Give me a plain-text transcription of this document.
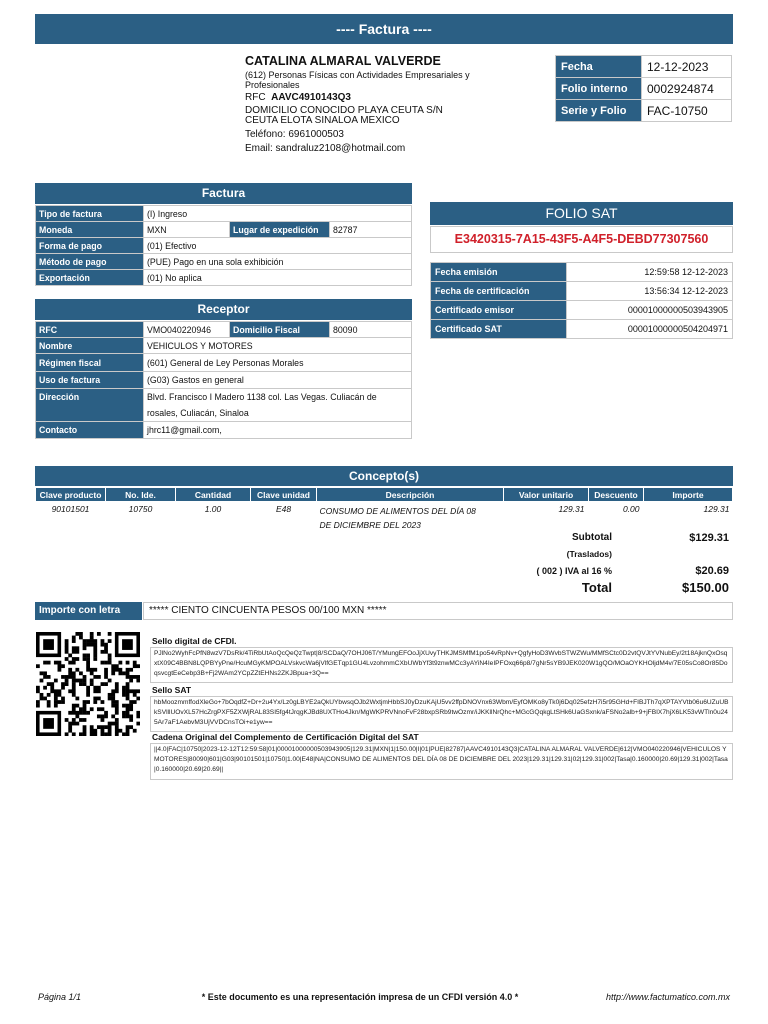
---- Factura ----
CATALINA ALMARAL VALVERDE
(612) Personas Físicas con Actividades Empresariales y
Profesionales
RFC AAVC4910143Q3
DOMICILIO CONOCIDO PLAYA CEUTA S/N
CEUTA ELOTA SINALOA MEXICO
Teléfono: 6961000503
Email: sandraluz2108@hotmail.com
Fecha	12-12-2023
Folio interno	0002924874
Serie y Folio	FAC-10750
Factura
Tipo de factura	(I) Ingreso		
Moneda	MXN	Lugar de expedición	82787
Forma de pago	(01) Efectivo		
Método de pago	(PUE) Pago en una sola exhibición		
Exportación	(01) No aplica		
Receptor
RFC	VMO040220946	Domicilio Fiscal	80090
Nombre	VEHICULOS Y MOTORES		
Régimen fiscal	(601) General de Ley Personas Morales		
Uso de factura	(G03) Gastos en general		
Dirección	Blvd. Francisco I Madero 1138 col. Las Vegas. Culiacán de
rosales, Culiacán, Sinaloa		

Contacto	jhrc11@gmail.com,		
FOLIO SAT
E3420315-7A15-43F5-A4F5-DEBD77307560
Fecha emisión	12:59:58 12-12-2023
Fecha de certificación	13:56:34 12-12-2023
Certificado emisor	00001000000503943905
Certificado SAT	00001000000504204971
Concepto(s)
Clave producto	No. Ide.	Cantidad	Clave unidad	Descripción	Valor unitario	Descuento	Importe
90101501	10750	1.00	E48	CONSUMO DE ALIMENTOS DEL DÍA 08
DE DICIEMBRE DEL 2023	129.31	0.00	129.31
Subtotal	$129.31
(Traslados)
( 002 ) IVA al 16 %	$20.69
Total	$150.00
Importe con letra	***** CIENTO CINCUENTA PESOS 00/100 MXN *****
Sello digital de CFDI.
PJlNo2WyhFcPfN8wzV7DsRk/4TiRbUtAoQcQeQzTwpt|8/SCDaQ/7OHJ06T/YMungEFOoJjXUvyTHKJMSMfM1po54vRpNv+QgfyHoD3WvbSTWZWu/MMfSCtc0D2vtQVJtYVNubEy/2t18AjknQxOsqxtX09C4BBN8LQPBYyPne/HcuMGyKMPOALVskvcWa6jVlfGETqp1GU4LvzohmmCXbUWbYf3t9znwMCc3yAYiN4IeIPFOxq66p8/7gNr5sYB9JEK020W1gQO/MOaOYKHOljdM4v/7E05sCo8Or85DoqsvcgtEeCebp3B+Fj2WAm2YCpZZtEHNs2ZKJBpua+3Q==
Sello SAT
hbMoozmmffodXleGo+7bOqdfZ+Dr+2u4Yx/Lz0gLBYE2aQkUYbwsqOJb2WxtjmHbbSJ0yDzuKAjU5vv2ffpDNOVnx63Wbm/EyfOMKo8yTk0j6Dq025efzH7i5r95GHd+FIBJTh7qXPTAYVtb06u6UZuUBkSVlllUOvXL57HcZrgPXF5ZXWjRAL83SI5fg4tJrqgKJBd8UXTHo4Jkn/MgWKPRVNnoFvF28bxpSRb9twOzmr/iJKKllNrQhc+MGcGQqkgLtSHk6UaGSxnk/aFSNo2alb+9+jFBIX7hjX6LK53vWTln0u245Ar7aF1AebvM3UjVVDCnsTOi+e1yw==
Cadena Original del Complemento de Certificación Digital del SAT
||4.0|FAC|10750|2023-12-12T12:59:58|01|00001000000503943905|129.31|MXN|1|150.00|I|01|PUE|82787|AAVC4910143Q3|CATALINA ALMARAL VALVERDE|612|VMO040220946|VEHICULOS Y MOTORES|80090|601|G03|90101501|10750|1.00|E48|NA|CONSUMO DE ALIMENTOS DEL DÍA 08 DE DICIEMBRE DEL 2023|129.31|129.31|02|129.31|002|Tasa|0.160000|20.69|129.31|002|Tasa|0.160000|20.69|20.69||
Página 1/1	* Este documento es una representación impresa de un CFDI versión 4.0 *	http://www.factumatico.com.mx
